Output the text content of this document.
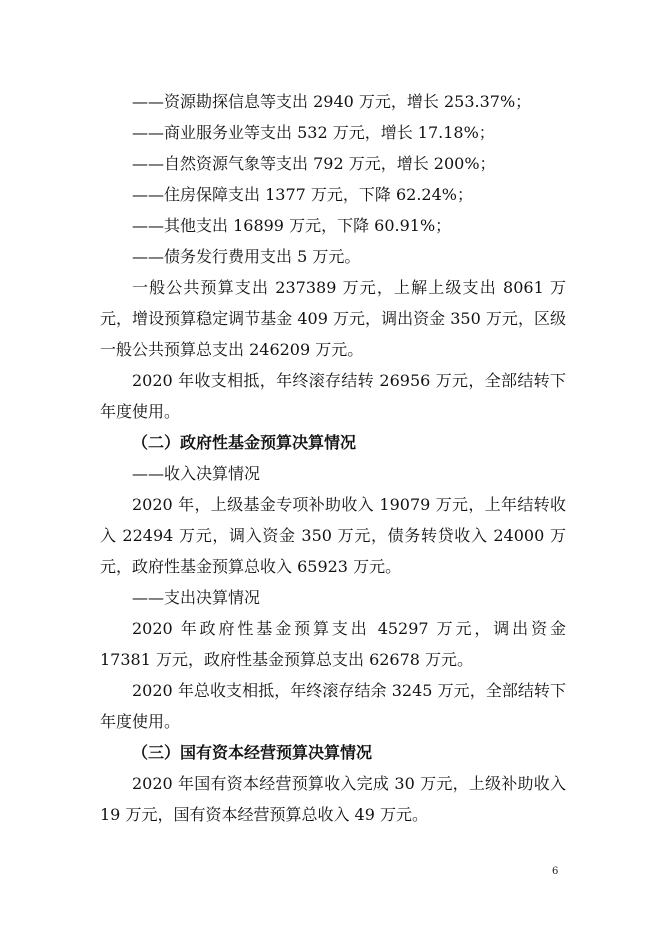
——资源勘探信息等支出 2940 万元，增长 253.37%；
——商业服务业等支出 532 万元，增长 17.18%；
——自然资源气象等支出 792 万元，增长 200%；
——住房保障支出 1377 万元，下降 62.24%；
——其他支出 16899 万元，下降 60.91%；
——债务发行费用支出 5 万元。

一般公共预算支出 237389 万元，上解上级支出 8061 万元，增设预算稳定调节基金 409 万元，调出资金 350 万元，区级一般公共预算总支出 246209 万元。

2020 年收支相抵，年终滚存结转 26956 万元，全部结转下年度使用。

（二）政府性基金预算决算情况

——收入决算情况

2020 年，上级基金专项补助收入 19079 万元，上年结转收入 22494 万元，调入资金 350 万元，债务转贷收入 24000 万元，政府性基金预算总收入 65923 万元。

——支出决算情况

2020 年政府性基金预算支出 45297 万元，调出资金 17381 万元，政府性基金预算总支出 62678 万元。

2020 年总收支相抵，年终滚存结余 3245 万元，全部结转下年度使用。

（三）国有资本经营预算决算情况

2020 年国有资本经营预算收入完成 30 万元，上级补助收入 19 万元，国有资本经营预算总收入 49 万元。

6
